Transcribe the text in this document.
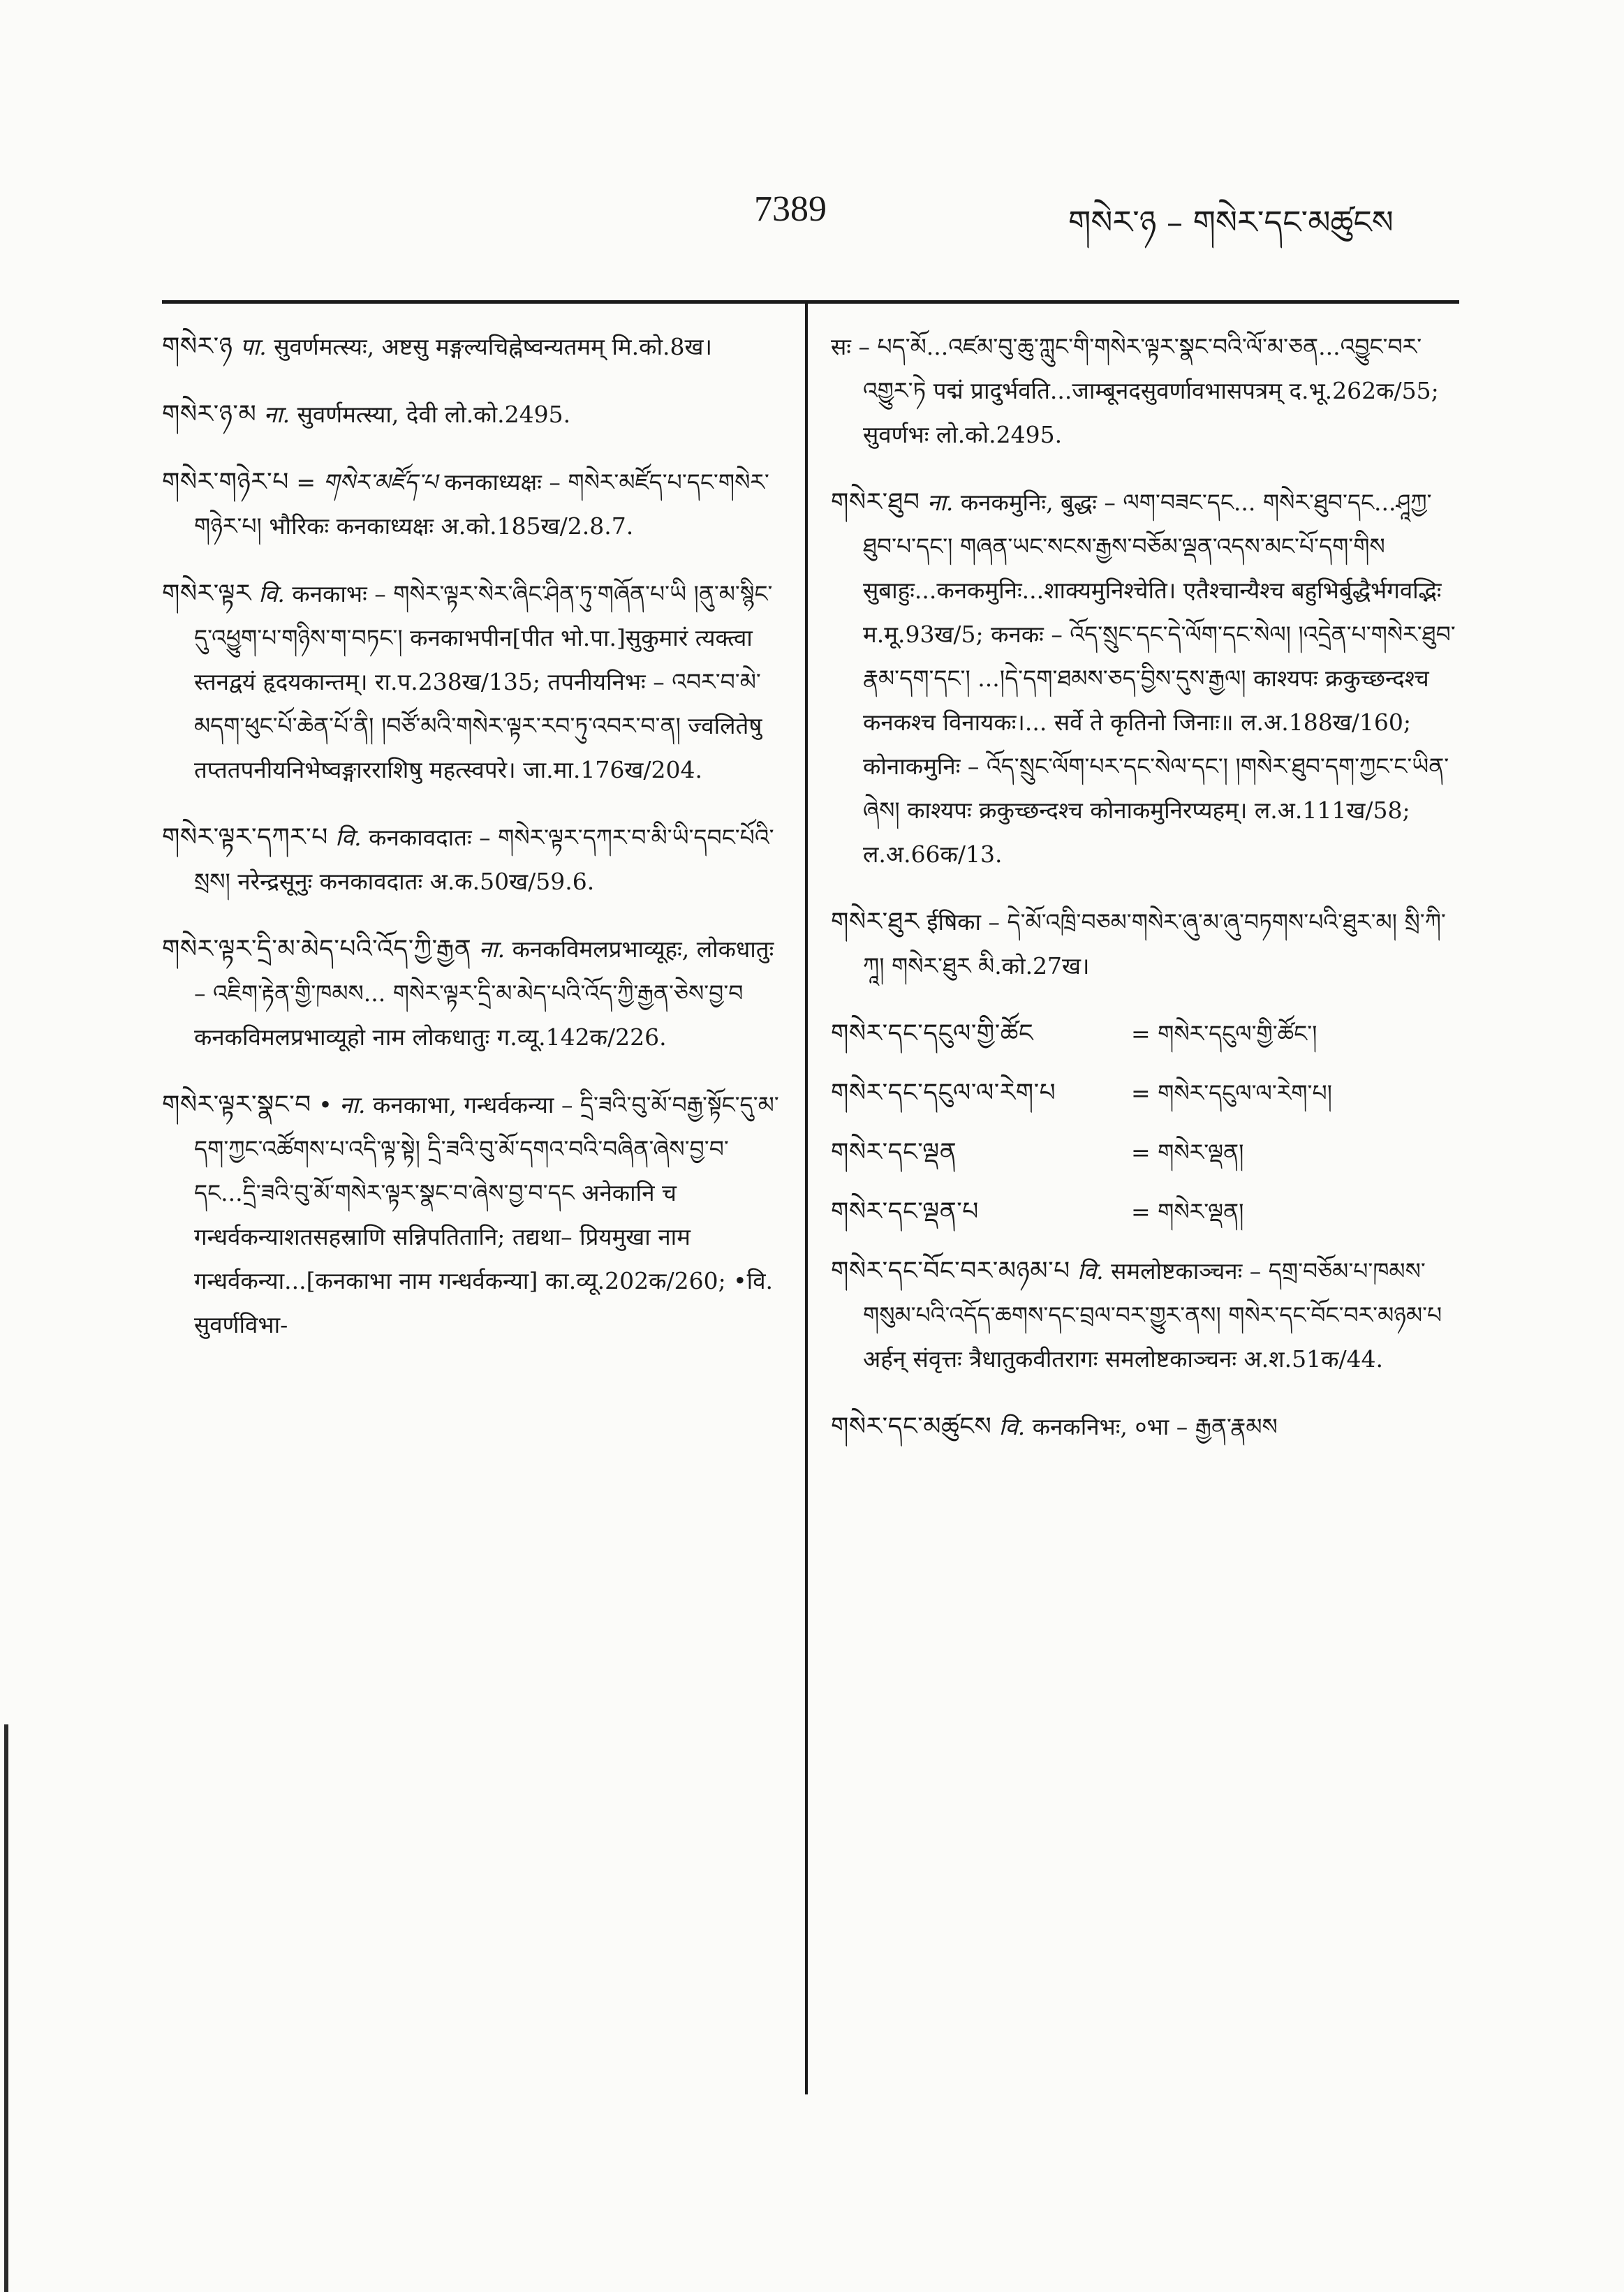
7389	གསེར་ཉ – གསེར་དང་མཚུངས
གསེར་ཉ पा. सुवर्णमत्स्यः, अष्टसु मङ्गल्यचिह्नेष्वन्यतमम् मि.को.8ख।
གསེར་ཉ་མ ना. सुवर्णमत्स्या, देवी लो.को.2495.
གསེར་གཉེར་པ = གསེར་མཛོད་པ कनकाध्यक्षः – གསེར་མཛོད་པ་དང་གསེར་གཉེར་པ། भौरिकः कनकाध्यक्षः अ.को.185ख/2.8.7.
གསེར་ལྟར वि. कनकाभः – གསེར་ལྟར་སེར་ཞིང་ཤིན་ཏུ་གཞོན་པ་ཡི །ནུ་མ་སྙིང་དུ་འཕྱུག་པ་གཉིས་ག་བཏང་། कनकाभपीन[पीत भो.पा.]सुकुमारं त्यक्त्वा स्तनद्वयं हृदयकान्तम्। रा.प.238ख/135; तपनीयनिभः – འབར་བ་མེ་མདག་ཕུང་པོ་ཆེན་པོ་ནི། །བཙོ་མའི་གསེར་ལྟར་རབ་ཏུ་འབར་བ་ན། ज्वलितेषु तप्ततपनीयनिभेष्वङ्गारराशिषु महत्स्वपरे। जा.मा.176ख/204.
གསེར་ལྟར་དཀར་པ वि. कनकावदातः – གསེར་ལྟར་དཀར་བ་མི་ཡི་དབང་པོའི་སྲས། नरेन्द्रसूनुः कनकावदातः अ.क.50ख/59.6.
གསེར་ལྟར་དྲི་མ་མེད་པའི་འོད་ཀྱི་རྒྱན ना. कनकविमलप्रभाव्यूहः, लोकधातुः – འཇིག་རྟེན་གྱི་ཁམས... གསེར་ལྟར་དྲི་མ་མེད་པའི་འོད་ཀྱི་རྒྱན་ཅེས་བྱ་བ कनकविमलप्रभाव्यूहो नाम लोकधातुः ग.व्यू.142क/226.
གསེར་ལྟར་སྣང་བ • ना. कनकाभा, गन्धर्वकन्या – དྲི་ཟའི་བུ་མོ་བརྒྱ་སྟོང་དུ་མ་དག་ཀྱང་འཚོགས་པ་འདི་ལྟ་སྟེ། དྲི་ཟའི་བུ་མོ་དགའ་བའི་བཞིན་ཞེས་བྱ་བ་དང...དྲི་ཟའི་བུ་མོ་གསེར་ལྟར་སྣང་བ་ཞེས་བྱ་བ་དང अनेकानि च गन्धर्वकन्याशतसहस्राणि सन्निपतितानि; तद्यथा– प्रियमुखा नाम गन्धर्वकन्या...[कनकाभा नाम गन्धर्वकन्या] का.व्यू.202क/260; •वि. सुवर्णविभा-
सः – པད་མོ...འཛམ་བུ་ཆུ་ཀླུང་གི་གསེར་ལྟར་སྣང་བའི་ལོ་མ་ཅན...འབྱུང་བར་འགྱུར་ཏེ पद्मं प्रादुर्भवति...जाम्बूनदसुवर्णावभासपत्रम् द.भू.262क/55; सुवर्णभः लो.को.2495.
གསེར་ཐུབ ना. कनकमुनिः, बुद्धः – ལག་བཟང་དང... གསེར་ཐུབ་དང...ཤཱཀྱ་ཐུབ་པ་དང་། གཞན་ཡང་སངས་རྒྱས་བཅོམ་ལྡན་འདས་མང་པོ་དག་གིས सुबाहुः...कनकमुनिः...शाक्यमुनिश्चेति। एतैश्चान्यैश्च बहुभिर्बुद्धैर्भगवद्भिः म.मू.93ख/5; कनकः – འོད་སྲུང་དང་དེ་ལོག་དང་སེལ། །འདྲེན་པ་གསེར་ཐུབ་རྣམ་དག་དང་། ...།དེ་དག་ཐམས་ཅད་བྱིས་དུས་རྒྱལ། काश्यपः क्रकुच्छन्दश्च कनकश्च विनायकः।... सर्वे ते कृतिनो जिनाः॥ ल.अ.188ख/160; कोनाकमुनिः – འོད་སྲུང་ལོག་པར་དང་སེལ་དང་། །གསེར་ཐུབ་དག་ཀྱང་ང་ཡིན་ཞེས། काश्यपः क्रकुच्छन्दश्च कोनाकमुनिरप्यहम्। ल.अ.111ख/58; ल.अ.66क/13.
གསེར་ཐུར ईषिका – དེ་མོ་འཁྲི་བཅམ་གསེར་ཞུ་མ་ཞུ་བཏགས་པའི་ཐུར་མ། སྲི་ཀི་ཀཱ། གསེར་ཐུར མི.को.27ख।
གསེར་དང་དངུལ་གྱི་ཚོང	= གསེར་དངུལ་གྱི་ཚོང་།
གསེར་དང་དངུལ་ལ་རེག་པ	= གསེར་དངུལ་ལ་རེག་པ།
གསེར་དང་ལྡན	= གསེར་ལྡན།
གསེར་དང་ལྡན་པ	= གསེར་ལྡན།
གསེར་དང་བོང་བར་མཉམ་པ वि. समलोष्टकाञ्चनः – དགྲ་བཅོམ་པ་ཁམས་གསུམ་པའི་འདོད་ཆགས་དང་བྲལ་བར་གྱུར་ནས། གསེར་དང་བོང་བར་མཉམ་པ अर्हन् संवृत्तः त्रैधातुकवीतरागः समलोष्टकाञ्चनः अ.श.51क/44.
གསེར་དང་མཚུངས वि. कनकनिभः, ०भा – རྒྱན་རྣམས
